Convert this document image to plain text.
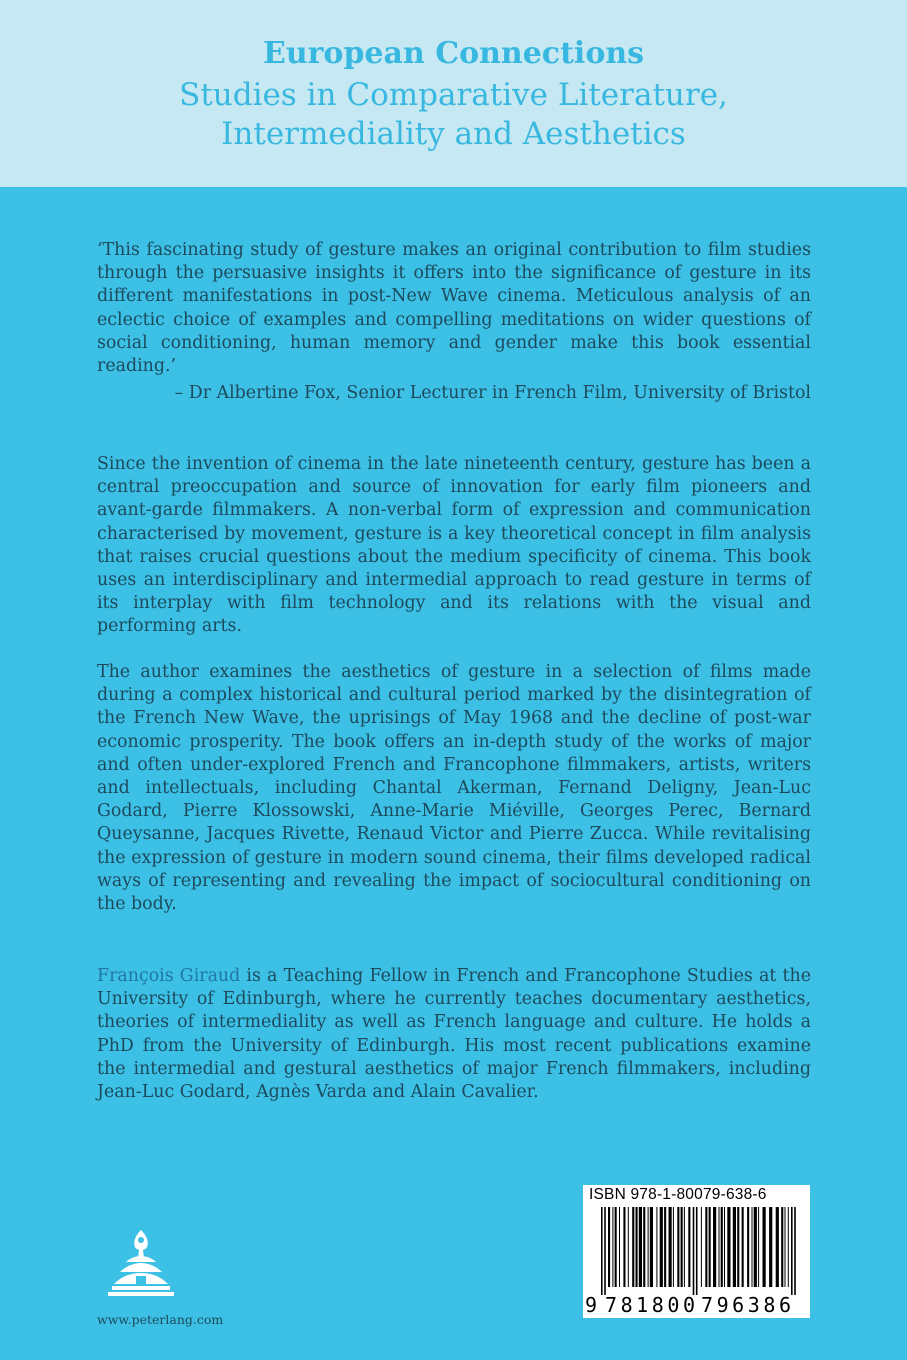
European Connections
Studies in Comparative Literature,
Intermediality and Aesthetics
‘This fascinating study of gesture makes an original contribution to film studies through the persuasive insights it offers into the significance of gesture in its different manifestations in post-New Wave cinema. Meticulous analysis of an eclectic choice of examples and compelling meditations on wider questions of social conditioning, human memory and gender make this book essential reading.’
– Dr Albertine Fox, Senior Lecturer in French Film, University of Bristol
Since the invention of cinema in the late nineteenth century, gesture has been a central preoccupation and source of innovation for early film pioneers and avant-garde filmmakers. A non-verbal form of expression and communication characterised by movement, gesture is a key theoretical concept in film analysis that raises crucial questions about the medium specificity of cinema. This book uses an interdisciplinary and intermedial approach to read gesture in terms of its interplay with film technology and its relations with the visual and performing arts.
The author examines the aesthetics of gesture in a selection of films made during a complex historical and cultural period marked by the disintegration of the French New Wave, the uprisings of May 1968 and the decline of post-war economic prosperity. The book offers an in-depth study of the works of major and often under-explored French and Francophone filmmakers, artists, writers and intellectuals, including Chantal Akerman, Fernand Deligny, Jean-Luc Godard, Pierre Klossowski, Anne-Marie Miéville, Georges Perec, Bernard Queysanne, Jacques Rivette, Renaud Victor and Pierre Zucca. While revitalising the expression of gesture in modern sound cinema, their films developed radical ways of representing and revealing the impact of sociocultural conditioning on the body.
François Giraud is a Teaching Fellow in French and Francophone Studies at the University of Edinburgh, where he currently teaches documentary aesthetics, theories of intermediality as well as French language and culture. He holds a PhD from the University of Edinburgh. His most recent publications examine the intermedial and gestural aesthetics of major French filmmakers, including Jean-Luc Godard, Agnès Varda and Alain Cavalier.
www.peterlang.com
ISBN 978-1-80079-638-6
9 781800 796386
